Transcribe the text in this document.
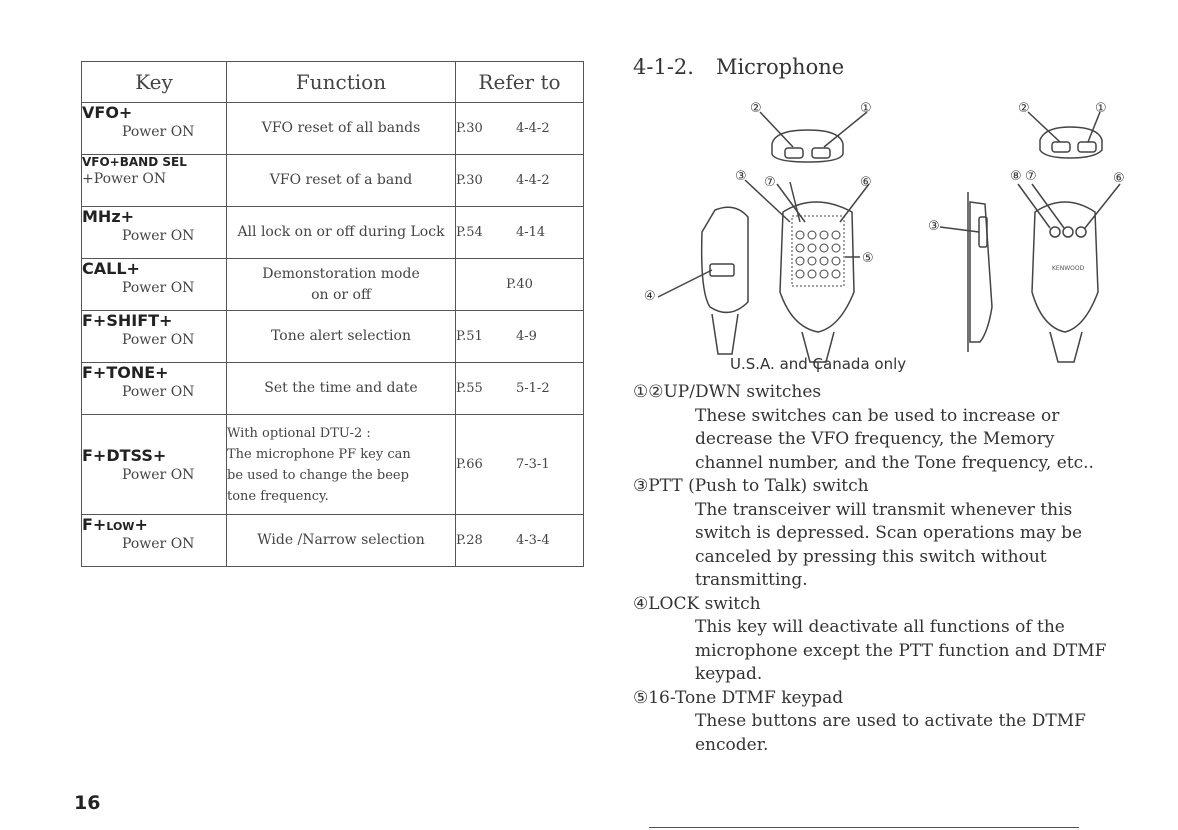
Key	Function	Refer to

VFO+
Power ON	VFO reset of all bands	P.30 4-4-2

VFO+BAND SEL
+Power ON	VFO reset of a band	P.30 4-4-2

MHz+
Power ON	All lock on or off during Lock	P.54 4-14

CALL+
Power ON	Demonstoration mode
on or off	P.40

F+SHIFT+
Power ON	Tone alert selection	P.51 4-9

F+TONE+
Power ON	Set the time and date	P.55 5-1-2

F+DTSS+
Power ON	With optional DTU-2 :
The microphone PF key can
be used to change the beep
tone frequency.	P.66 7-3-1

F+LOW+
Power ON	Wide /Narrow selection	P.28 4-3-4
4-1-2. Microphone
②	①	②	①
③ ⑦	⑥
⑤
④
③
⑧ ⑦	⑥
KENWOOD
U.S.A. and Canada only
①②UP/DWN switches
These switches can be used to increase or
decrease the VFO frequency, the Memory
channel number, and the Tone frequency, etc..
③PTT (Push to Talk) switch
The transceiver will transmit whenever this
switch is depressed. Scan operations may be
canceled by pressing this switch without
transmitting.
④LOCK switch
This key will deactivate all functions of the
microphone except the PTT function and DTMF
keypad.
⑤16-Tone DTMF keypad
These buttons are used to activate the DTMF
encoder.
16
